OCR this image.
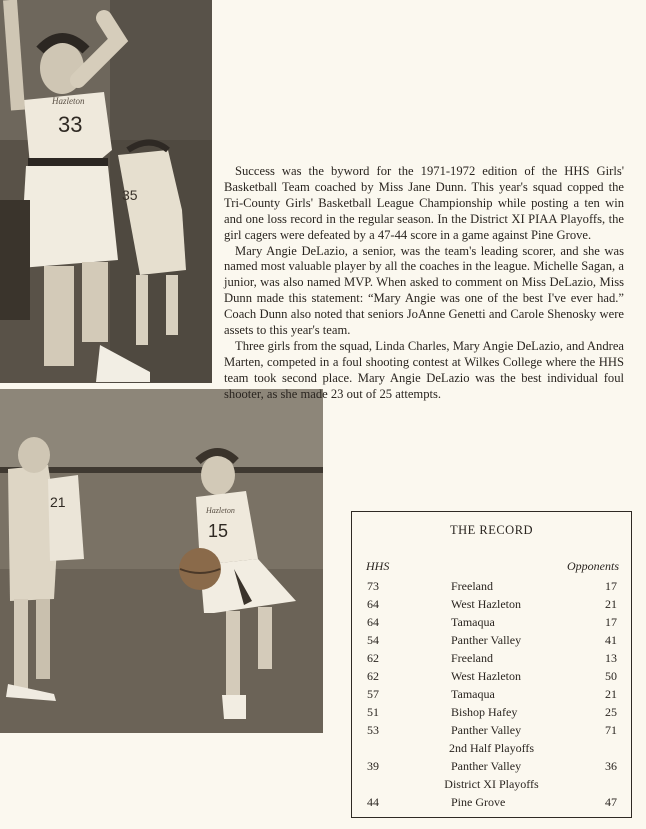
35
33
Hazleton
21
15
Hazleton

Success was the byword for the 1971-1972 edition of the HHS Girls' Basketball Team coached by Miss Jane Dunn. This year's squad copped the Tri-County Girls' Basketball League Championship while posting a ten win and one loss record in the regular season. In the District XI PIAA Playoffs, the girl cagers were defeated by a 47-44 score in a game against Pine Grove.

Mary Angie DeLazio, a senior, was the team's leading scorer, and she was named most valuable player by all the coaches in the league. Michelle Sagan, a junior, was also named MVP. When asked to comment on Miss DeLazio, Miss Dunn made this statement: “Mary Angie was one of the best I've ever had.” Coach Dunn also noted that seniors JoAnne Genetti and Carole Shenosky were assets to this year's team.

Three girls from the squad, Linda Charles, Mary Angie DeLazio, and Andrea Marten, competed in a foul shooting contest at Wilkes College where the HHS team took second place. Mary Angie DeLazio was the best individual foul shooter, as she made 23 out of 25 attempts.

THE RECORD
HHS	Opponents
73	Freeland	17
64	West Hazleton	21
64	Tamaqua	17
54	Panther Valley	41
62	Freeland	13
62	West Hazleton	50
57	Tamaqua	21
51	Bishop Hafey	25
53	Panther Valley	71
2nd Half Playoffs
39	Panther Valley	36
District XI Playoffs
44	Pine Grove	47
